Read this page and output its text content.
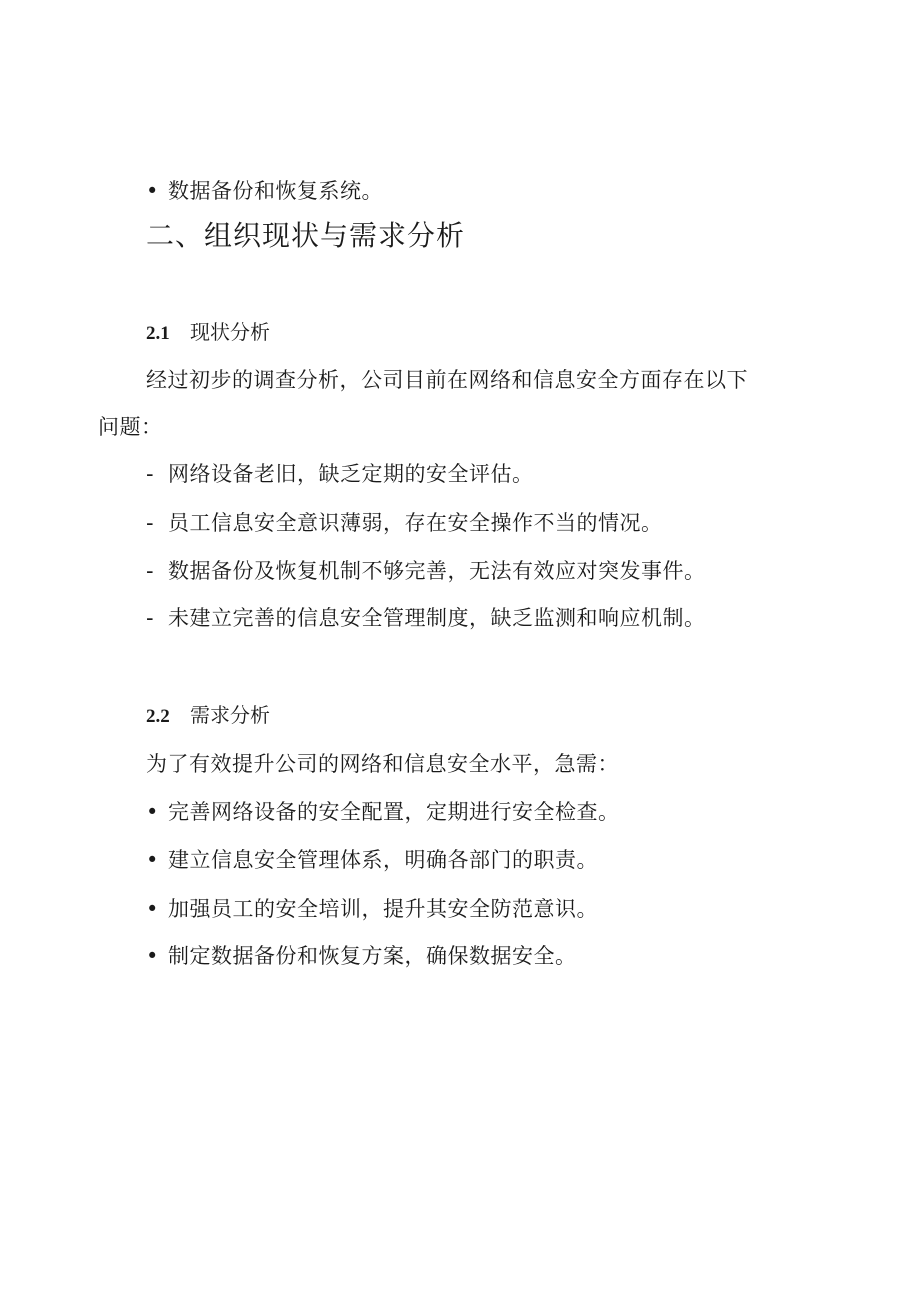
• 数据备份和恢复系统。
二、组织现状与需求分析
2.1 现状分析
经过初步的调查分析，公司目前在网络和信息安全方面存在以下
问题：
- 网络设备老旧，缺乏定期的安全评估。
- 员工信息安全意识薄弱，存在安全操作不当的情况。
- 数据备份及恢复机制不够完善，无法有效应对突发事件。
- 未建立完善的信息安全管理制度，缺乏监测和响应机制。
2.2 需求分析
为了有效提升公司的网络和信息安全水平，急需：
• 完善网络设备的安全配置，定期进行安全检查。
• 建立信息安全管理体系，明确各部门的职责。
• 加强员工的安全培训，提升其安全防范意识。
• 制定数据备份和恢复方案，确保数据安全。
